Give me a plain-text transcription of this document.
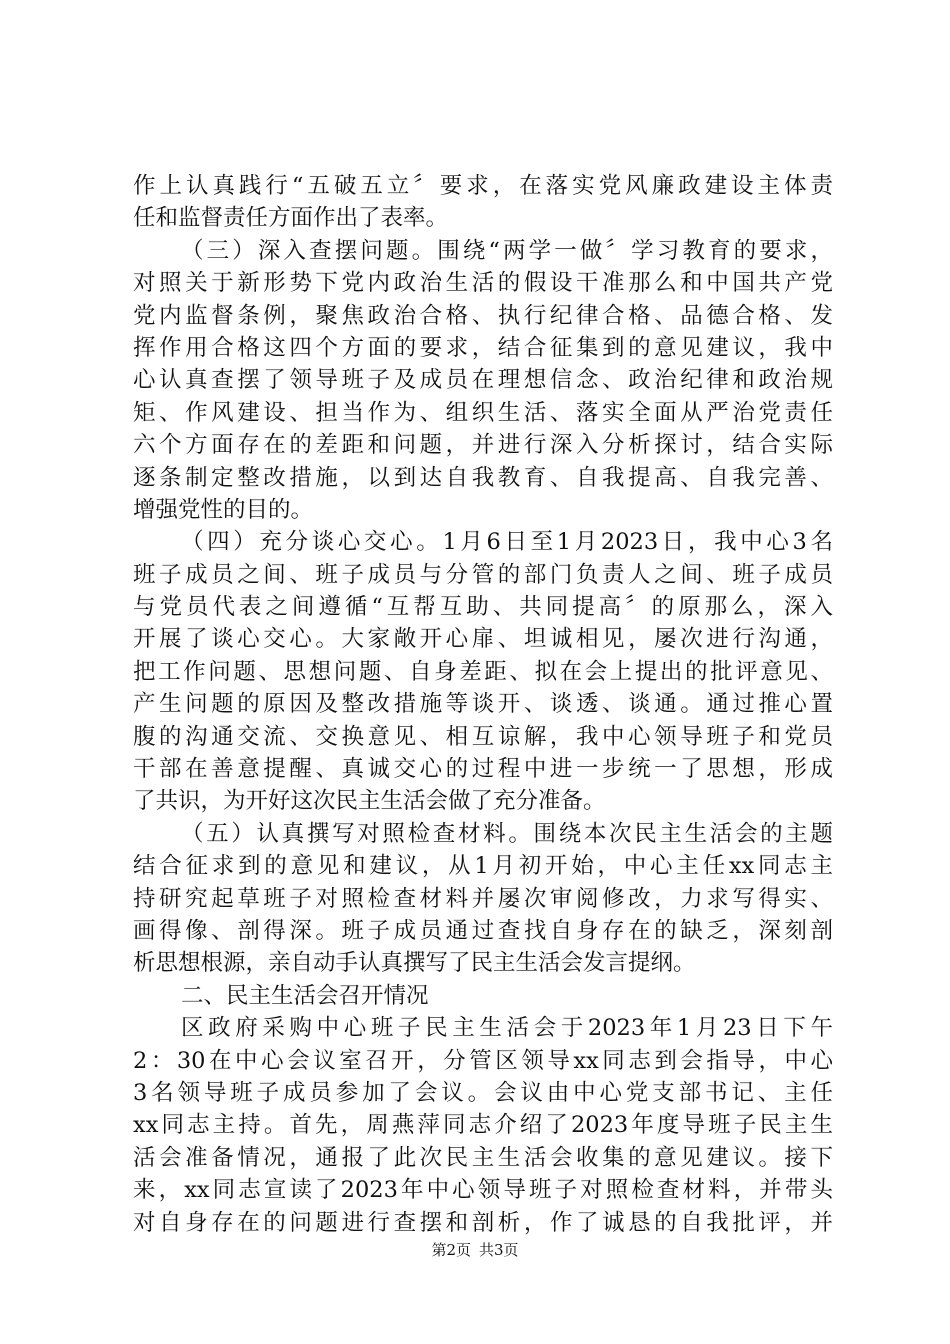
作上认真践行“五破五立〞要求，在落实党风廉政建设主体责
任和监督责任方面作出了表率。
（三）深入查摆问题。围绕“两学一做〞学习教育的要求，
对照关于新形势下党内政治生活的假设干准那么和中国共产党
党内监督条例，聚焦政治合格、执行纪律合格、品德合格、发
挥作用合格这四个方面的要求，结合征集到的意见建议，我中
心认真查摆了领导班子及成员在理想信念、政治纪律和政治规
矩、作风建设、担当作为、组织生活、落实全面从严治党责任
六个方面存在的差距和问题，并进行深入分析探讨，结合实际
逐条制定整改措施，以到达自我教育、自我提高、自我完善、
增强党性的目的。
（四）充分谈心交心。1月6日至1月2023日，我中心3名
班子成员之间、班子成员与分管的部门负责人之间、班子成员
与党员代表之间遵循“互帮互助、共同提高〞的原那么，深入
开展了谈心交心。大家敞开心扉、坦诚相见，屡次进行沟通，
把工作问题、思想问题、自身差距、拟在会上提出的批评意见、
产生问题的原因及整改措施等谈开、谈透、谈通。通过推心置
腹的沟通交流、交换意见、相互谅解，我中心领导班子和党员
干部在善意提醒、真诚交心的过程中进一步统一了思想，形成
了共识，为开好这次民主生活会做了充分准备。
（五）认真撰写对照检查材料。围绕本次民主生活会的主题
结合征求到的意见和建议，从1月初开始，中心主任xx同志主
持研究起草班子对照检查材料并屡次审阅修改，力求写得实、
画得像、剖得深。班子成员通过查找自身存在的缺乏，深刻剖
析思想根源，亲自动手认真撰写了民主生活会发言提纲。
二、民主生活会召开情况
区政府采购中心班子民主生活会于2023年1月23日下午
2：30在中心会议室召开，分管区领导xx同志到会指导，中心
3名领导班子成员参加了会议。会议由中心党支部书记、主任
xx同志主持。首先，周燕萍同志介绍了2023年度导班子民主生
活会准备情况，通报了此次民主生活会收集的意见建议。接下
来，xx同志宣读了2023年中心领导班子对照检查材料，并带头
对自身存在的问题进行查摆和剖析，作了诚恳的自我批评，并
第2页 共3页
